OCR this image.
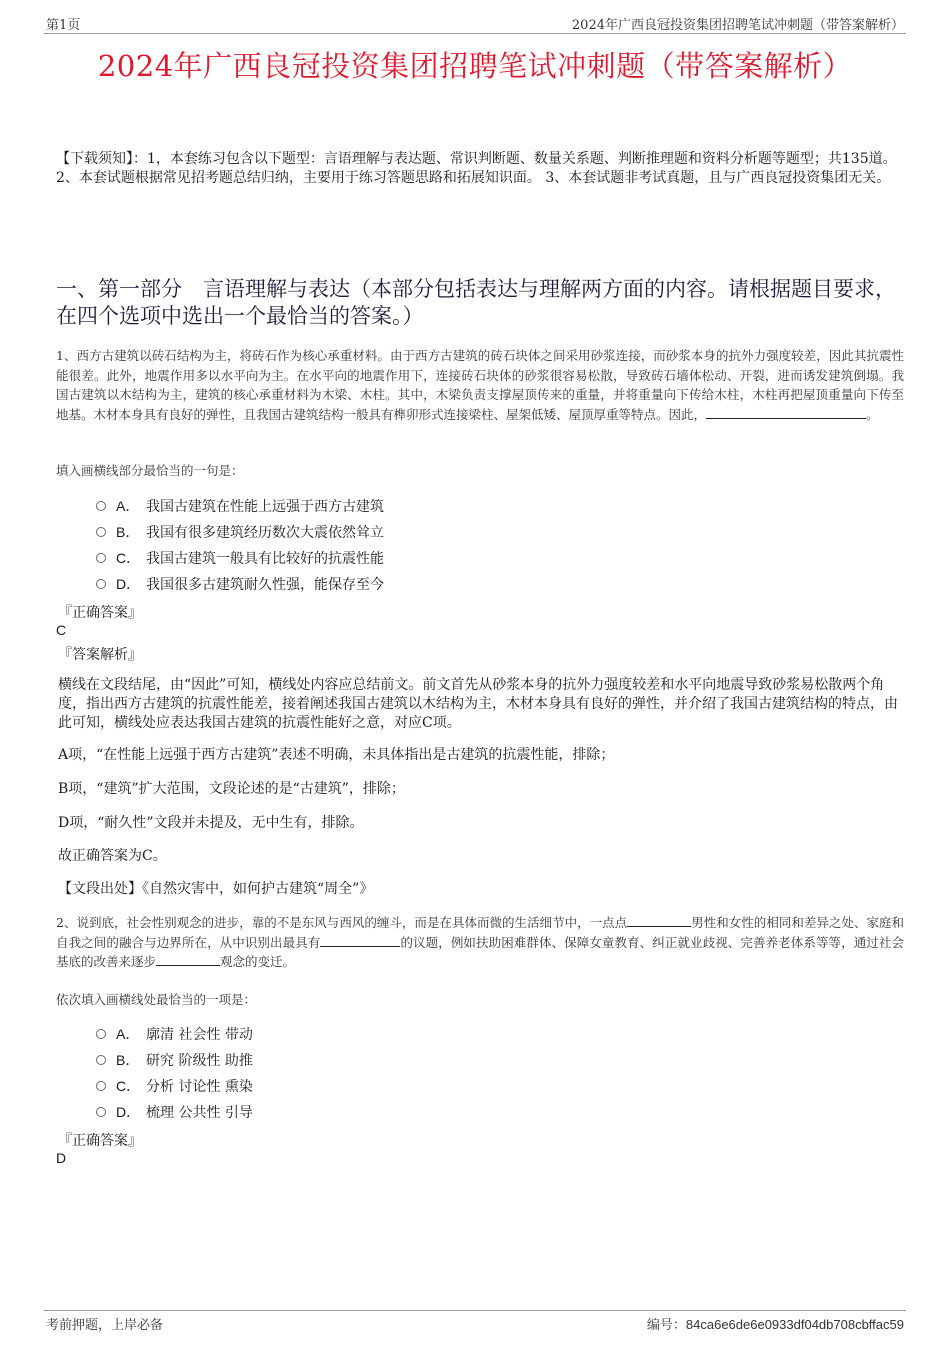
第1页	2024年广西良冠投资集团招聘笔试冲刺题（带答案解析）
2024年广西良冠投资集团招聘笔试冲刺题（带答案解析）
【下载须知】：1，本套练习包含以下题型：言语理解与表达题、常识判断题、数量关系题、判断推理题和资料分析题等题型；共135道。 2、本套试题根据常见招考题总结归纳，主要用于练习答题思路和拓展知识面。 3、本套试题非考试真题，且与广西良冠投资集团无关。
一、第一部分　言语理解与表达（本部分包括表达与理解两方面的内容。请根据题目要求，在四个选项中选出一个最恰当的答案。）
1、西方古建筑以砖石结构为主，将砖石作为核心承重材料。由于西方古建筑的砖石块体之间采用砂浆连接，而砂浆本身的抗外力强度较差，因此其抗震性能很差。此外，地震作用多以水平向为主。在水平向的地震作用下，连接砖石块体的砂浆很容易松散，导致砖石墙体松动、开裂，进而诱发建筑倒塌。我国古建筑以木结构为主，建筑的核心承重材料为木梁、木柱。其中，木梁负责支撑屋顶传来的重量，并将重量向下传给木柱，木柱再把屋顶重量向下传至地基。木材本身具有良好的弹性，且我国古建筑结构一般具有榫卯形式连接梁柱、屋架低矮、屋顶厚重等特点。因此，	。
填入画横线部分最恰当的一句是：
A． 我国古建筑在性能上远强于西方古建筑
B． 我国有很多建筑经历数次大震依然耸立
C． 我国古建筑一般具有比较好的抗震性能
D． 我国很多古建筑耐久性强，能保存至今
『正确答案』
C
『答案解析』
横线在文段结尾，由“因此”可知，横线处内容应总结前文。前文首先从砂浆本身的抗外力强度较差和水平向地震导致砂浆易松散两个角度，指出西方古建筑的抗震性能差，接着阐述我国古建筑以木结构为主，木材本身具有良好的弹性，并介绍了我国古建筑结构的特点，由此可知，横线处应表达我国古建筑的抗震性能好之意，对应C项。
A项，“在性能上远强于西方古建筑”表述不明确，未具体指出是古建筑的抗震性能，排除；
B项，“建筑”扩大范围，文段论述的是“古建筑”，排除；
D项，“耐久性”文段并未提及，无中生有，排除。
故正确答案为C。
【文段出处】《自然灾害中，如何护古建筑“周全”》
2、说到底，社会性别观念的进步，靠的不是东风与西风的缠斗，而是在具体而微的生活细节中，一点点	男性和女性的相同和差异之处、家庭和自我之间的融合与边界所在，从中识别出最具有	的议题，例如扶助困难群体、保障女童教育、纠正就业歧视、完善养老体系等等，通过社会基底的改善来逐步	观念的变迁。
依次填入画横线处最恰当的一项是：
A． 廓清 社会性 带动
B． 研究 阶级性 助推
C． 分析 讨论性 熏染
D． 梳理 公共性 引导
『正确答案』
D
考前押题，上岸必备	编号：84ca6e6de6e0933df04db708cbffac59
